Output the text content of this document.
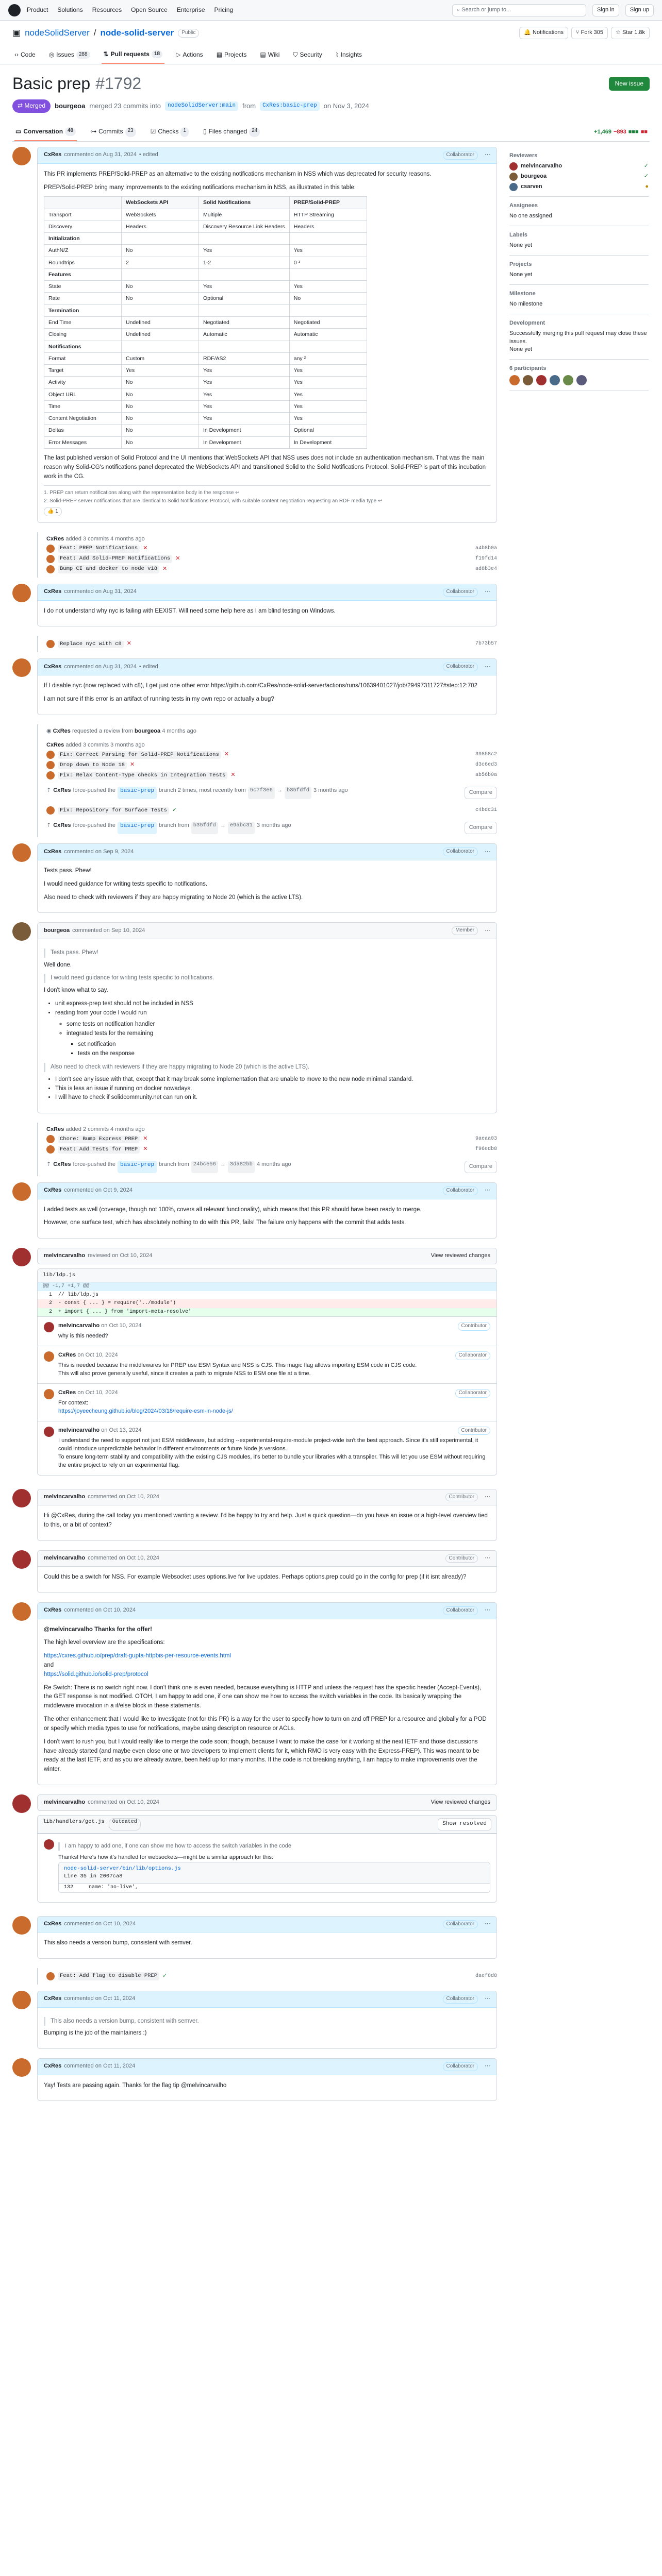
Product Solutions Resources Open Source Enterprise Pricing	⌕ Search or jump to...	Sign in	Sign up
▣ nodeSolidServer / node-solid-server	Public	🔔 Notifications	⑂ Fork 305	☆ Star 1.8k
‹› Code ◎ Issues 288	⇅ Pull requests 18	▷ Actions ▦ Projects ▤ Wiki ⛉ Security ⌇ Insights
Basic prep #1792	New issue
⇄ Merged	bourgeoa merged 23 commits into	nodeSolidServer:main	from	CxRes:basic-prep	on Nov 3, 2024
▭ Conversation 40	⊶ Commits 23	☑ Checks 1	▯ Files changed 24	+1,469 −893 ■■■ ■■
CxRes commented on Aug 31, 2024 • edited	Collaborator	⋯

This PR implements PREP/Solid-PREP as an alternative to the existing notifications mechanism in NSS which was deprecated for security reasons.

PREP/Solid-PREP bring many improvements to the existing notifications mechanism in NSS, as illustrated in this table:

	WebSockets API	Solid Notifications	PREP/Solid-PREP
Transport	WebSockets	Multiple	HTTP Streaming
Discovery	Headers	Discovery Resource Link Headers	Headers
Initialization			
AuthN/Z	No	Yes	Yes
Roundtrips	2	1-2	0 ¹
Features			
State	No	Yes	Yes
Rate	No	Optional	No
Termination			
End Time	Undefined	Negotiated	Negotiated
Closing	Undefined	Automatic	Automatic
Notifications			
Format	Custom	RDF/AS2	any ²
Target	Yes	Yes	Yes
Activity	No	Yes	Yes
Object URL	No	Yes	Yes
Time	No	Yes	Yes
Content Negotiation	No	Yes	Yes
Deltas	No	In Development	Optional
Error Messages	No	In Development	In Development

The last published version of Solid Protocol and the UI mentions that WebSockets API that NSS uses does not include an authentication mechanism. That was the main reason why Solid-CG's notifications panel deprecated the WebSockets API and transitioned Solid to the Solid Notifications Protocol. Solid-PREP is part of this incubation work in the CG.

1. PREP can return notifications along with the representation body in the response ↩
2. Solid-PREP server notifications that are identical to Solid Notifications Protocol, with suitable content negotiation requesting an RDF media type ↩
👍 1
CxRes added 3 commits 4 months ago
Feat: PREP Notifications ✕	a4b8b0a
Feat: Add Solid-PREP Notifications ✕	f19fd14
Bump CI and docker to node v18 ✕	ad8b3e4
CxRes commented on Aug 31, 2024	Collaborator	⋯

I do not understand why nyc is failing with EEXIST. Will need some help here as I am blind testing on Windows.

Replace nyc with c8 ✕	7b73b57
CxRes commented on Aug 31, 2024 • edited	Collaborator	⋯

If I disable nyc (now replaced with c8), I get just one other error https://github.com/CxRes/node-solid-server/actions/runs/10639401027/job/29497311727#step:12:702

I am not sure if this error is an artifact of running tests in my own repo or actually a bug?

◉ CxRes requested a review from bourgeoa 4 months ago
CxRes added 3 commits 3 months ago
Fix: Correct Parsing for Solid-PREP Notifications ✕	39858c2
Drop down to Node 18 ✕	d3c6ed3
Fix: Relax Content-Type checks in Integration Tests ✕	ab56b0a
⇡ CxRes force-pushed the basic-prep branch 2 times, most recently from 5c7f3e6 → b35fdfd 3 months ago	Compare
Fix: Repository for Surface Tests ✓	c4bdc31
⇡ CxRes force-pushed the basic-prep branch from b35fdfd → e9abc31 3 months ago	Compare
CxRes commented on Sep 9, 2024	Collaborator	⋯

Tests pass. Phew!

I would need guidance for writing tests specific to notifications.

Also need to check with reviewers if they are happy migrating to Node 20 (which is the active LTS).

bourgeoa commented on Sep 10, 2024	Member	⋯
Tests pass. Phew!

Well done.

I would need guidance for writing tests specific to notifications.

I don't know what to say.

• unit express-prep test should not be included in NSS
• reading from your code I would run
◦ some tests on notification handler
◦ integrated tests for the remaining
▪ set notification
▪ tests on the response
Also need to check with reviewers if they are happy migrating to Node 20 (which is the active LTS).
• I don't see any issue with that, except that it may break some implementation that are unable to move to the new node minimal standard.
• This is less an issue if running on docker nowadays.
• I will have to check if solidcommunity.net can run on it.
CxRes added 2 commits 4 months ago
Chore: Bump Express PREP ✕	9aeaa03
Feat: Add Tests for PREP ✕	f96edb8
⇡ CxRes force-pushed the basic-prep branch from 24bce56 → 3da82bb 4 months ago	Compare
CxRes commented on Oct 9, 2024	Collaborator	⋯

I added tests as well (coverage, though not 100%, covers all relevant functionality), which means that this PR should have been ready to merge.

However, one surface test, which has absolutely nothing to do with this PR, fails! The failure only happens with the commit that adds tests.

melvincarvalho reviewed on Oct 10, 2024	View reviewed changes
lib/ldp.js
@@ -1,7 +1,7 @@
1  // lib/ldp.js
2  - const { ... } = require('../module')
2  + import { ... } from 'import-meta-resolve'
melvincarvalho on Oct 10, 2024	Contributor
why is this needed?
CxRes on Oct 10, 2024	Collaborator

This is needed because the middlewares for PREP use ESM Syntax and NSS is CJS. This magic flag allows importing ESM code in CJS code.

This will also prove generally useful, since it creates a path to migrate NSS to ESM one file at a time.

CxRes on Oct 10, 2024	Collaborator

For context:

https://joyeecheung.github.io/blog/2024/03/18/require-esm-in-node-js/
melvincarvalho on Oct 13, 2024	Contributor

I understand the need to support not just ESM middleware, but adding --experimental-require-module project-wide isn't the best approach. Since it's still experimental, it could introduce unpredictable behavior in different environments or future Node.js versions.

To ensure long-term stability and compatibility with the existing CJS modules, it's better to bundle your libraries with a transpiler. This will let you use ESM without requiring the entire project to rely on an experimental flag.

melvincarvalho commented on Oct 10, 2024	Contributor	⋯

Hi @CxRes, during the call today you mentioned wanting a review. I'd be happy to try and help. Just a quick question—do you have an issue or a high-level overview tied to this, or a bit of context?

melvincarvalho commented on Oct 10, 2024	Contributor	⋯

Could this be a switch for NSS. For example Websocket uses options.live for live updates. Perhaps options.prep could go in the config for prep (if it isnt already)?

CxRes commented on Oct 10, 2024	Collaborator	⋯

@melvincarvalho Thanks for the offer!

The high level overview are the specifications:

https://cxres.github.io/prep/draft-gupta-httpbis-per-resource-events.html
and
https://solid.github.io/solid-prep/protocol

Re Switch: There is no switch right now. I don't think one is even needed, because everything is HTTP and unless the request has the specific header (Accept-Events), the GET response is not modified. OTOH, I am happy to add one, if one can show me how to access the switch variables in the code. Its basically wrapping the middleware invocation in a if/else block in these statements.

The other enhancement that I would like to investigate (not for this PR) is a way for the user to specify how to turn on and off PREP for a resource and globally for a POD or specify which media types to use for notifications, maybe using description resource or ACLs.

I don't want to rush you, but I would really like to merge the code soon; though, because I want to make the case for it working at the next IETF and those discussions have already started (and maybe even close one or two developers to implement clients for it, which RMO is very easy with the Express-PREP). This was meant to be ready at the last IETF, and as you are already aware, been held up for many months. If the code is not breaking anything, I am happy to make improvements over the winter.

melvincarvalho commented on Oct 10, 2024	View reviewed changes
lib/handlers/get.js	Outdated	Show resolved
I am happy to add one, if one can show me how to access the switch variables in the code

Thanks! Here's how it's handled for websockets—might be a similar approach for this:

node-solid-server/bin/lib/options.js
Line 35 in 2007ca8
132     name: 'no-live',
CxRes commented on Oct 10, 2024	Collaborator	⋯

This also needs a version bump, consistent with semver.

Feat: Add flag to disable PREP ✓	daef8d8
CxRes commented on Oct 11, 2024	Collaborator	⋯
This also needs a version bump, consistent with semver.

Bumping is the job of the maintainers :)

CxRes commented on Oct 11, 2024	Collaborator	⋯

Yay! Tests are passing again. Thanks for the flag tip @melvincarvalho

Reviewers
melvincarvalho	✓
bourgeoa	✓
csarven	●
Assignees
No one assigned
Labels
None yet
Projects
None yet
Milestone
No milestone
Development
Successfully merging this pull request may close these issues.
None yet
6 participants
